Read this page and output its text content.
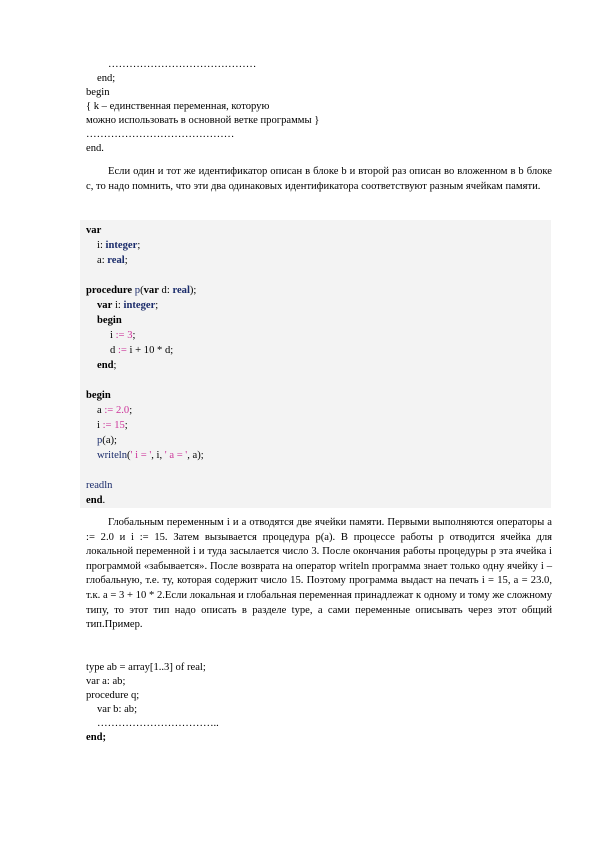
……………………………………
end;
begin
{ k – единственная переменная, которую
можно использовать в основной ветке программы }
……………………………………
end.
Если один и тот же идентификатор описан в блоке b и второй раз описан во вложенном в b блоке c, то надо помнить, что эти два одинаковых идентификатора соответствуют разным ячейкам памяти.
var
i: integer;
a: real;
procedure p(var d: real);
var i: integer;
begin
i := 3;
d := i + 10 * d;
end;
begin
a := 2.0;
i := 15;
p(a);
writeln(' i = ', i, ' a = ', a);
readln
end.
Глобальным переменным i и a отводятся две ячейки памяти. Первыми выполняются операторы a := 2.0 и i := 15. Затем вызывается процедура p(a). В процессе работы p отводится ячейка для локальной переменной i и туда засылается число 3. После окончания работы процедуры p эта ячейка i программой «забывается». После возврата на оператор writeln программа знает только одну ячейку i – глобальную, т.е. ту, которая содержит число 15. Поэтому программа выдаст на печать i = 15, a = 23.0, т.к. a = 3 + 10 * 2.Если локальная и глобальная переменная принадлежат к одному и тому же сложному типу, то этот тип надо описать в разделе type, а сами переменные описывать через этот общий тип.Пример.
type ab = array[1..3] of real;
var a: ab;
procedure q;
var b: ab;
……………………………..
end;
